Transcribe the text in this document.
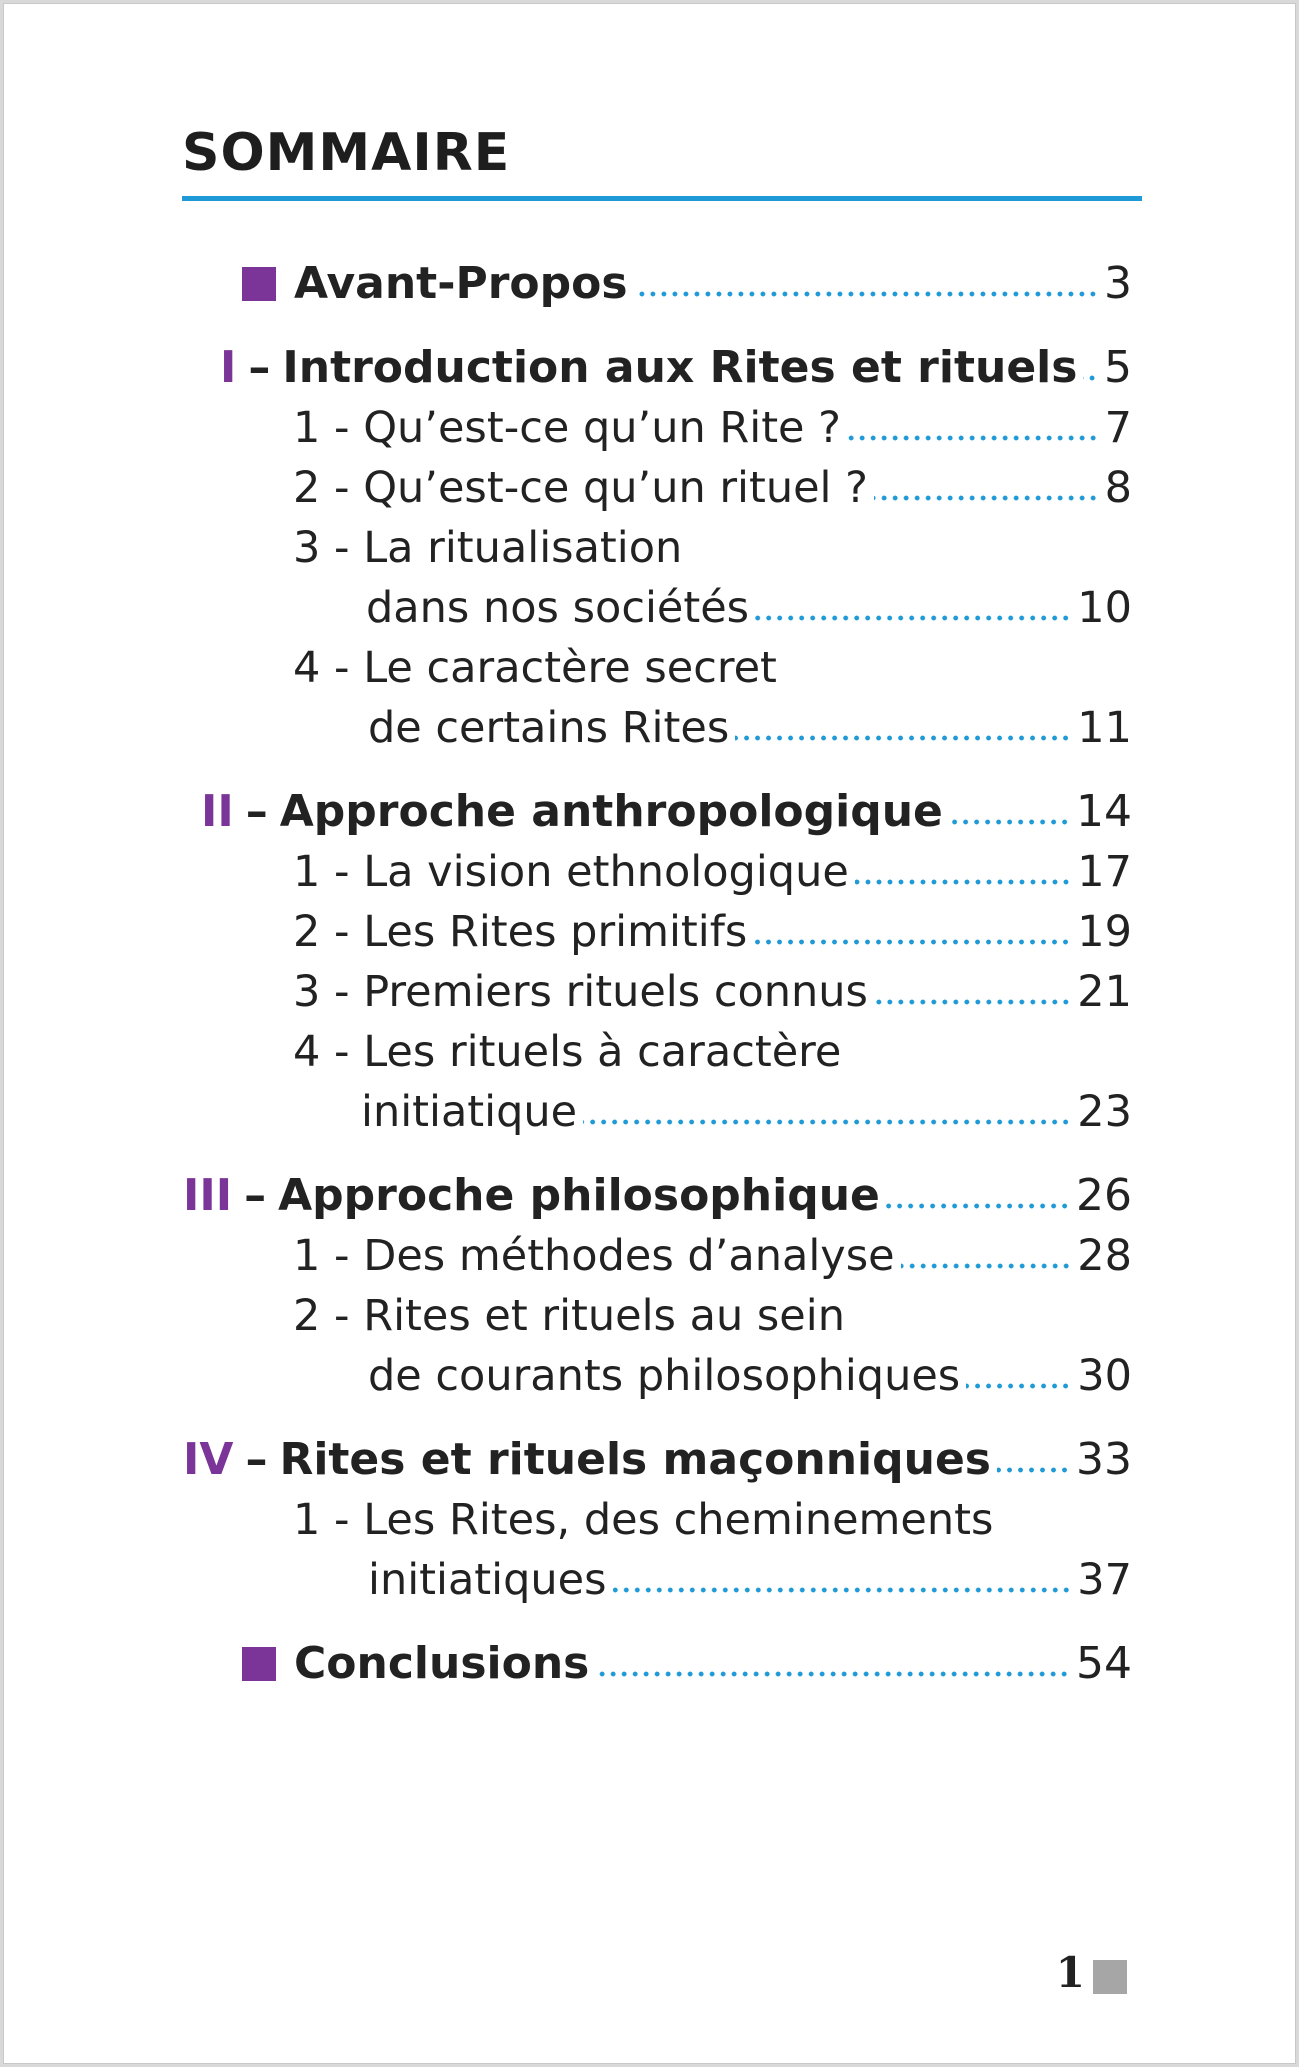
SOMMAIRE
Avant-Propos	3
I – Introduction aux Rites et rituels 5
1 - Qu’est-ce qu’un Rite ?	7
2 - Qu’est-ce qu’un rituel ?	8
3 - La ritualisation
dans nos sociétés	10
4 - Le caractère secret
de certains Rites	11
II – Approche anthropologique	14
1 - La vision ethnologique	17
2 - Les Rites primitifs	19
3 - Premiers rituels connus	21
4 - Les rituels à caractère
initiatique	23
III – Approche philosophique	26
1 - Des méthodes d’analyse	28
2 - Rites et rituels au sein
de courants philosophiques	30
IV – Rites et rituels maçonniques 33
1 - Les Rites, des cheminements
initiatiques	37
Conclusions	54
1
